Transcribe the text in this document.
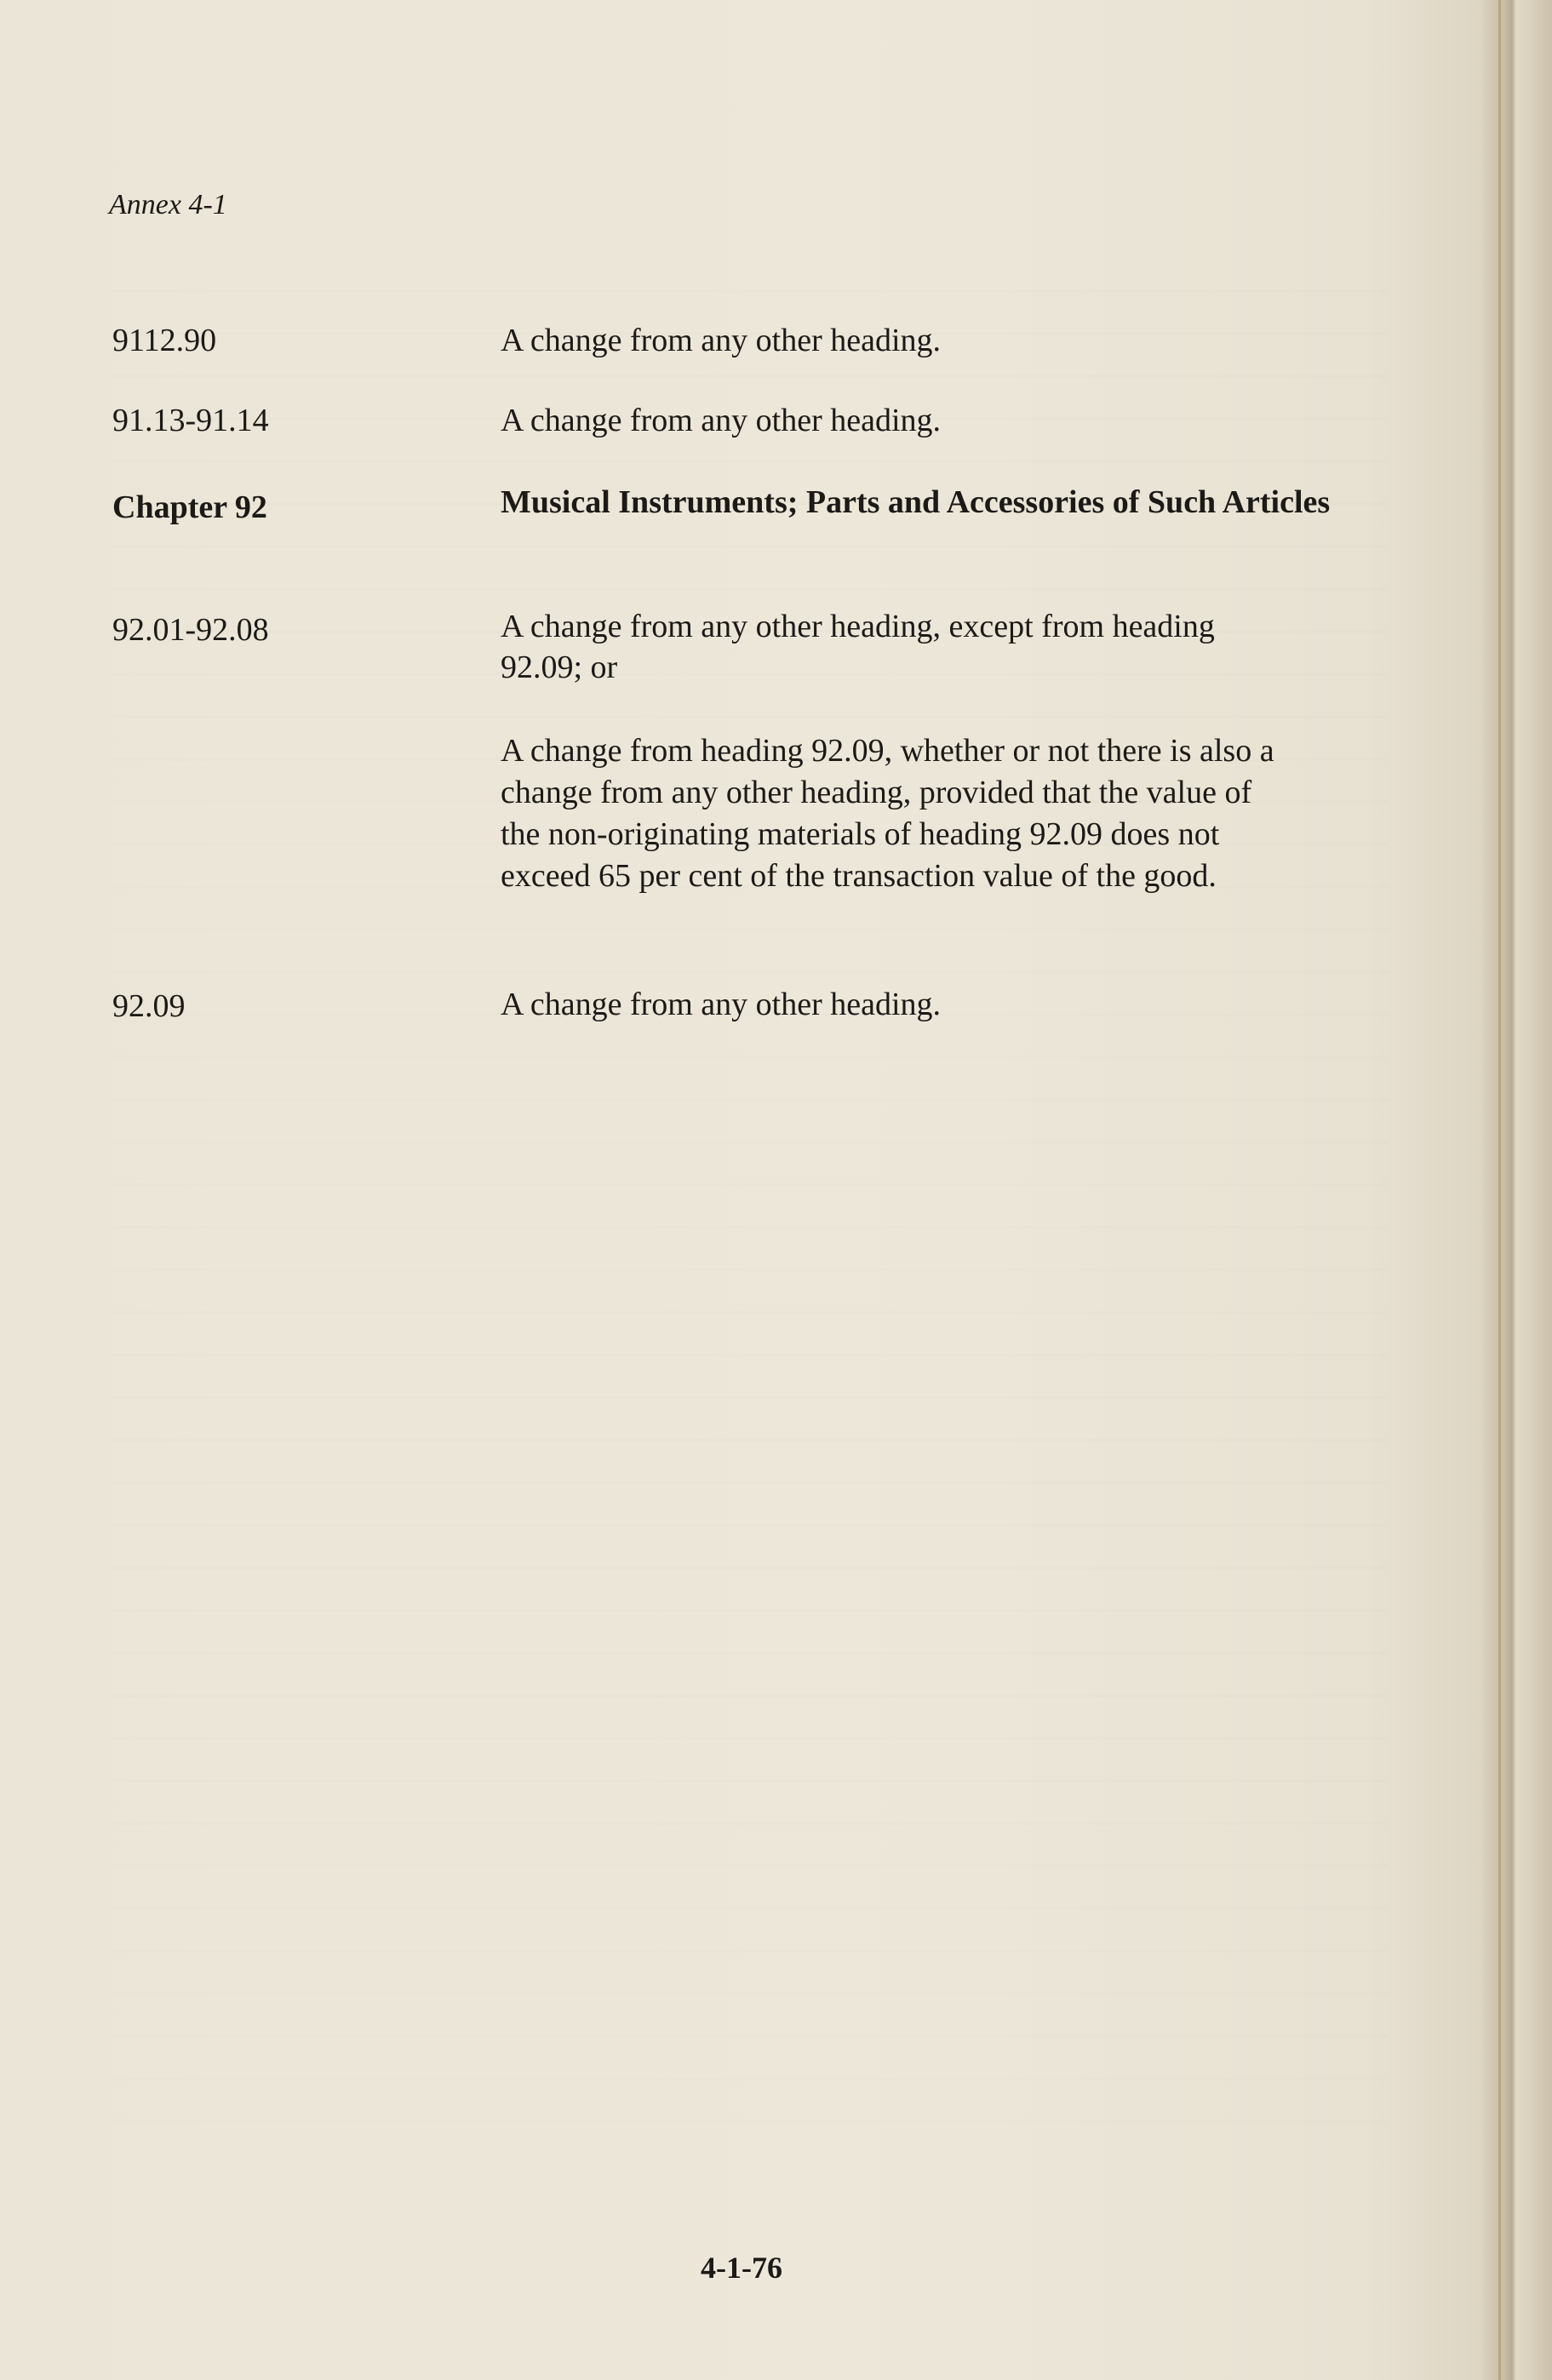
Annex 4-1
9112.90	A change from any other heading.
91.13-91.14	A change from any other heading.
Chapter 92	Musical Instruments; Parts and Accessories of Such Articles
92.01-92.08	A change from any other heading, except from heading 92.09; or
A change from heading 92.09, whether or not there is also a change from any other heading, provided that the value of the non-originating materials of heading 92.09 does not exceed 65 per cent of the transaction value of the good.
92.09	A change from any other heading.
4-1-76
